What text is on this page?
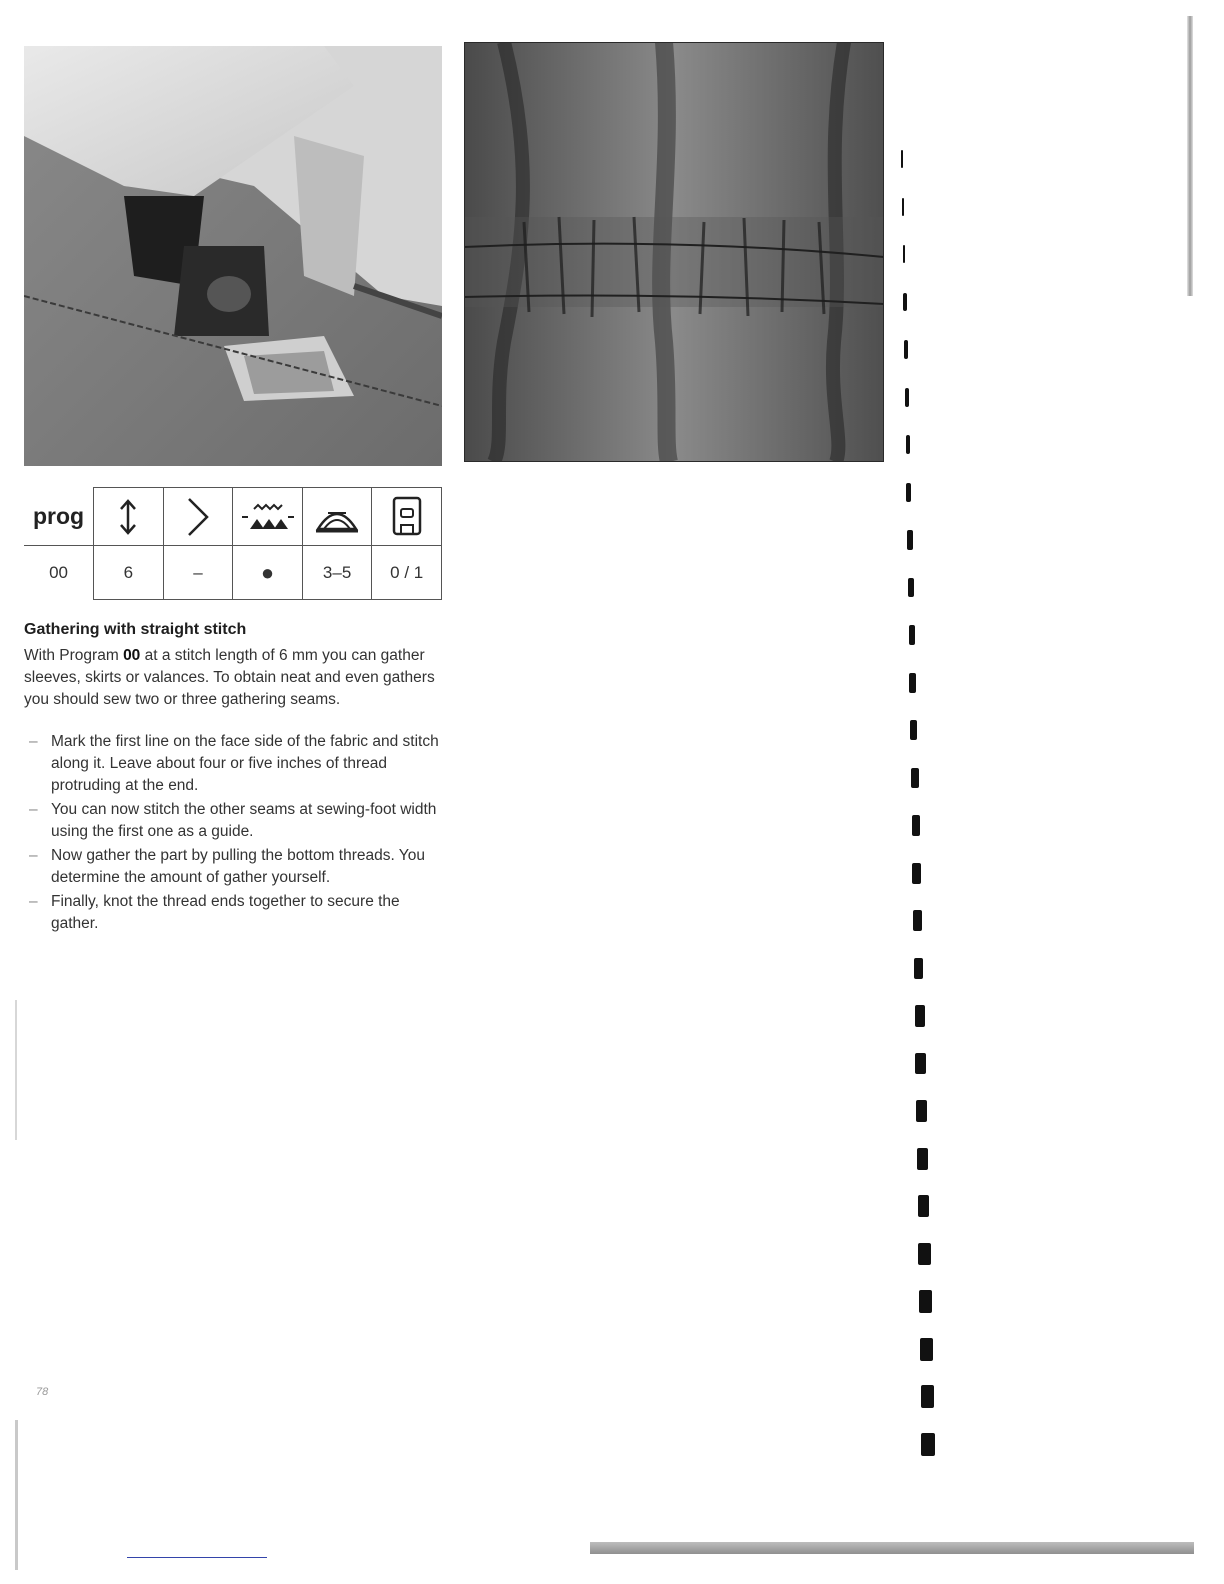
prog	

00	6	–	●	3–5	0 / 1
Gathering with straight stitch
With Program 00 at a stitch length of 6 mm you can gather sleeves, skirts or valances. To obtain neat and even gathers you should sew two or three gathering seams.
– Mark the first line on the face side of the fabric and stitch along it. Leave about four or five inches of thread protruding at the end.
– You can now stitch the other seams at sewing-foot width using the first one as a guide.
– Now gather the part by pulling the bottom threads. You determine the amount of gather yourself.
– Finally, knot the thread ends together to secure the gather.
78
